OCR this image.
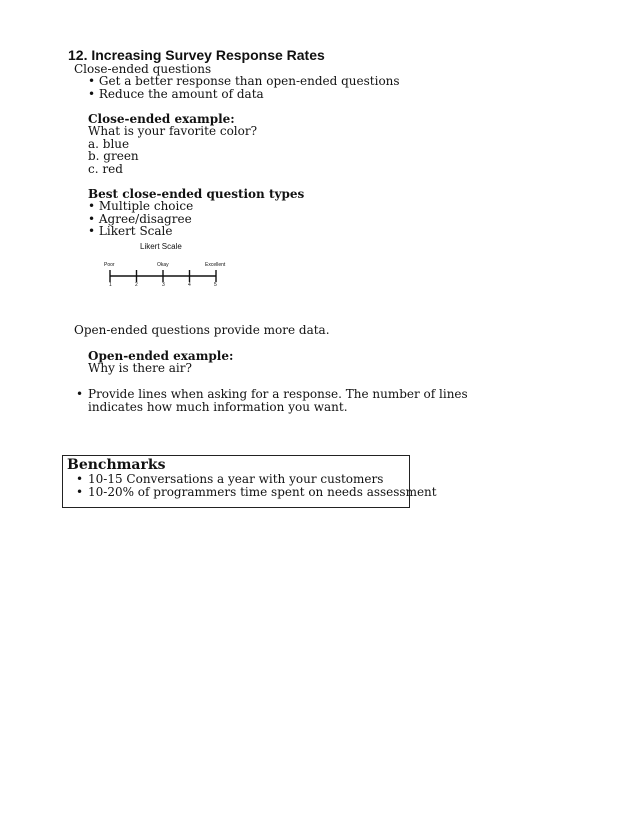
12. Increasing Survey Response Rates
Close-ended questions
• Get a better response than open-ended questions
• Reduce the amount of data
Close-ended example:
What is your favorite color?
a. blue
b. green
c. red
Best close-ended question types
• Multiple choice
• Agree/disagree
• Likert Scale
Likert Scale
Poor	Okay	Excellent
1	2	3	4	5
Open-ended questions provide more data.
Open-ended example:
Why is there air?
• Provide lines when asking for a response. The number of lines
indicates how much information you want.
Benchmarks
• 10-15 Conversations a year with your customers
• 10-20% of programmers time spent on needs assessment
